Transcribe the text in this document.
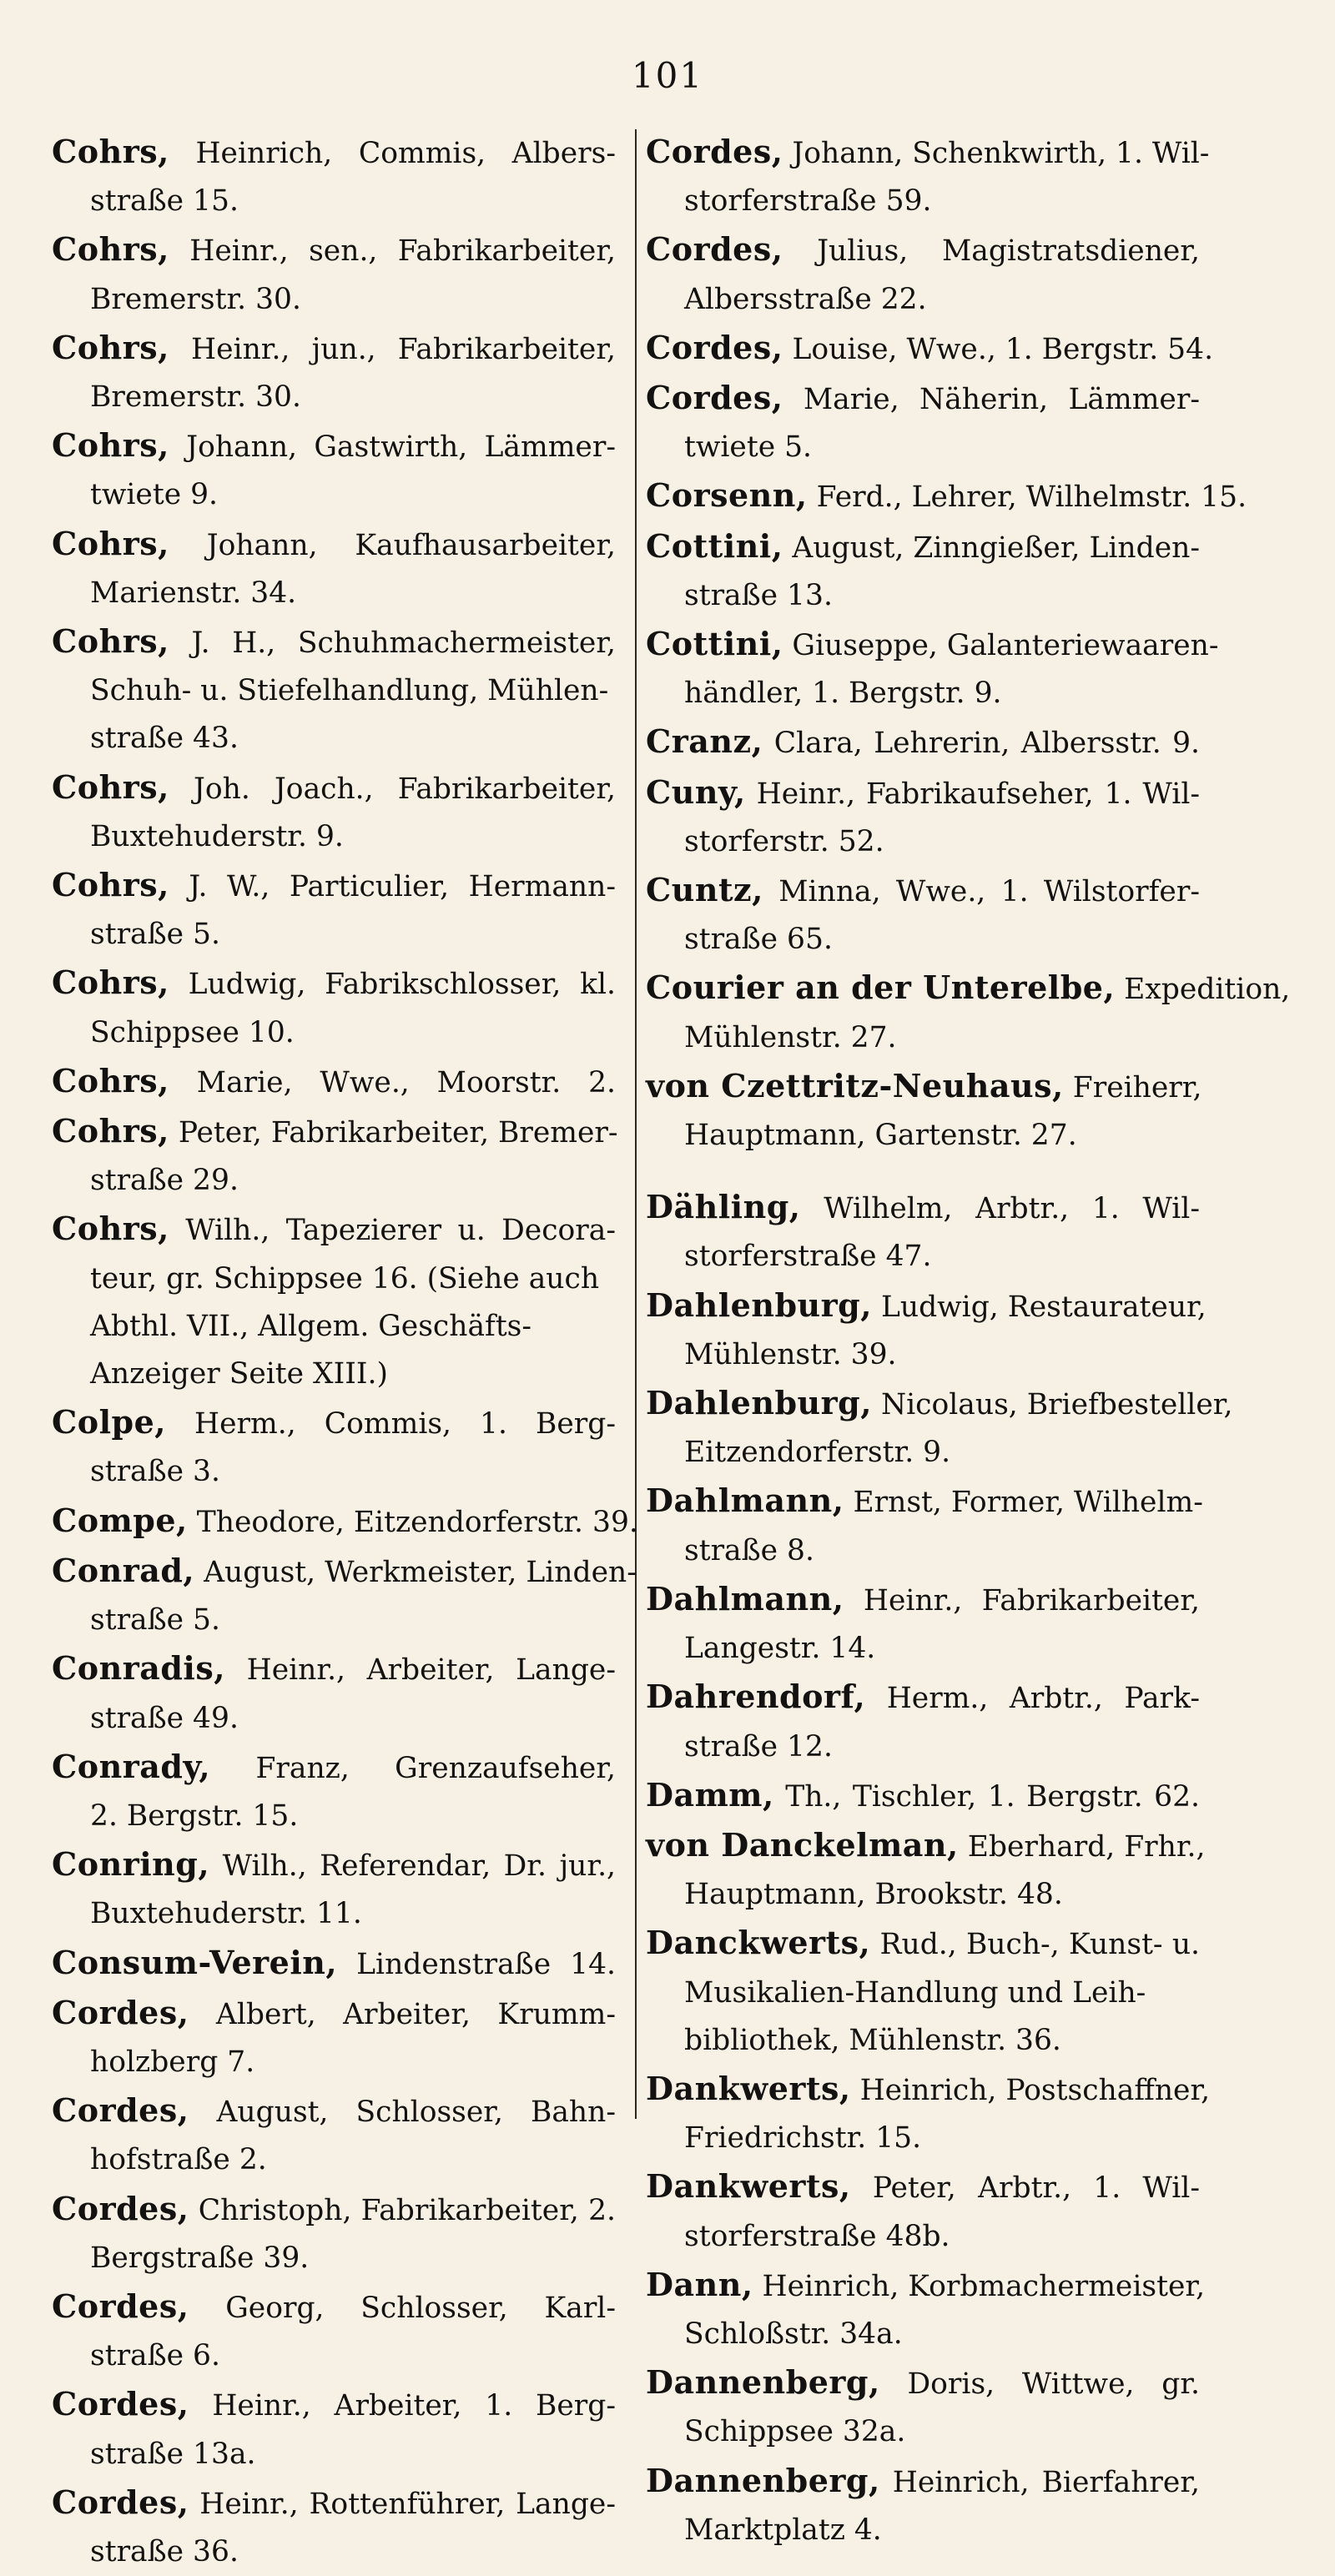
101
Cohrs, Heinrich, Commis, Albers-
straße 15.
Cohrs, Heinr., sen., Fabrikarbeiter,
Bremerstr. 30.
Cohrs, Heinr., jun., Fabrikarbeiter,
Bremerstr. 30.
Cohrs, Johann, Gastwirth, Lämmer-
twiete 9.
Cohrs, Johann, Kaufhausarbeiter,
Marienstr. 34.
Cohrs, J. H., Schuhmachermeister,
Schuh- u. Stiefelhandlung, Mühlen-
straße 43.
Cohrs, Joh. Joach., Fabrikarbeiter,
Buxtehuderstr. 9.
Cohrs, J. W., Particulier, Hermann-
straße 5.
Cohrs, Ludwig, Fabrikschlosser, kl.
Schippsee 10.
Cohrs, Marie, Wwe., Moorstr. 2.
Cohrs, Peter, Fabrikarbeiter, Bremer-
straße 29.
Cohrs, Wilh., Tapezierer u. Decora-
teur, gr. Schippsee 16. (Siehe auch
Abthl. VII., Allgem. Geschäfts-
Anzeiger Seite XIII.)
Colpe, Herm., Commis, 1. Berg-
straße 3.
Compe, Theodore, Eitzendorferstr. 39.
Conrad, August, Werkmeister, Linden-
straße 5.
Conradis, Heinr., Arbeiter, Lange-
straße 49.
Conrady, Franz, Grenzaufseher,
2. Bergstr. 15.
Conring, Wilh., Referendar, Dr. jur.,
Buxtehuderstr. 11.
Consum-Verein, Lindenstraße 14.
Cordes, Albert, Arbeiter, Krumm-
holzberg 7.
Cordes, August, Schlosser, Bahn-
hofstraße 2.
Cordes, Christoph, Fabrikarbeiter, 2.
Bergstraße 39.
Cordes, Georg, Schlosser, Karl-
straße 6.
Cordes, Heinr., Arbeiter, 1. Berg-
straße 13a.
Cordes, Heinr., Rottenführer, Lange-
straße 36.
Cordes, Johann, Schenkwirth, 1. Wil-
storferstraße 59.
Cordes, Julius, Magistratsdiener,
Albersstraße 22.
Cordes, Louise, Wwe., 1. Bergstr. 54.
Cordes, Marie, Näherin, Lämmer-
twiete 5.
Corsenn, Ferd., Lehrer, Wilhelmstr. 15.
Cottini, August, Zinngießer, Linden-
straße 13.
Cottini, Giuseppe, Galanteriewaaren-
händler, 1. Bergstr. 9.
Cranz, Clara, Lehrerin, Albersstr. 9.
Cuny, Heinr., Fabrikaufseher, 1. Wil-
storferstr. 52.
Cuntz, Minna, Wwe., 1. Wilstorfer-
straße 65.
Courier an der Unterelbe, Expedition,
Mühlenstr. 27.
von Czettritz-Neuhaus, Freiherr,
Hauptmann, Gartenstr. 27.
Dähling, Wilhelm, Arbtr., 1. Wil-
storferstraße 47.
Dahlenburg, Ludwig, Restaurateur,
Mühlenstr. 39.
Dahlenburg, Nicolaus, Briefbesteller,
Eitzendorferstr. 9.
Dahlmann, Ernst, Former, Wilhelm-
straße 8.
Dahlmann, Heinr., Fabrikarbeiter,
Langestr. 14.
Dahrendorf, Herm., Arbtr., Park-
straße 12.
Damm, Th., Tischler, 1. Bergstr. 62.
von Danckelman, Eberhard, Frhr.,
Hauptmann, Brookstr. 48.
Danckwerts, Rud., Buch-, Kunst- u.
Musikalien-Handlung und Leih-
bibliothek, Mühlenstr. 36.
Dankwerts, Heinrich, Postschaffner,
Friedrichstr. 15.
Dankwerts, Peter, Arbtr., 1. Wil-
storferstraße 48b.
Dann, Heinrich, Korbmachermeister,
Schloßstr. 34a.
Dannenberg, Doris, Wittwe, gr.
Schippsee 32a.
Dannenberg, Heinrich, Bierfahrer,
Marktplatz 4.
